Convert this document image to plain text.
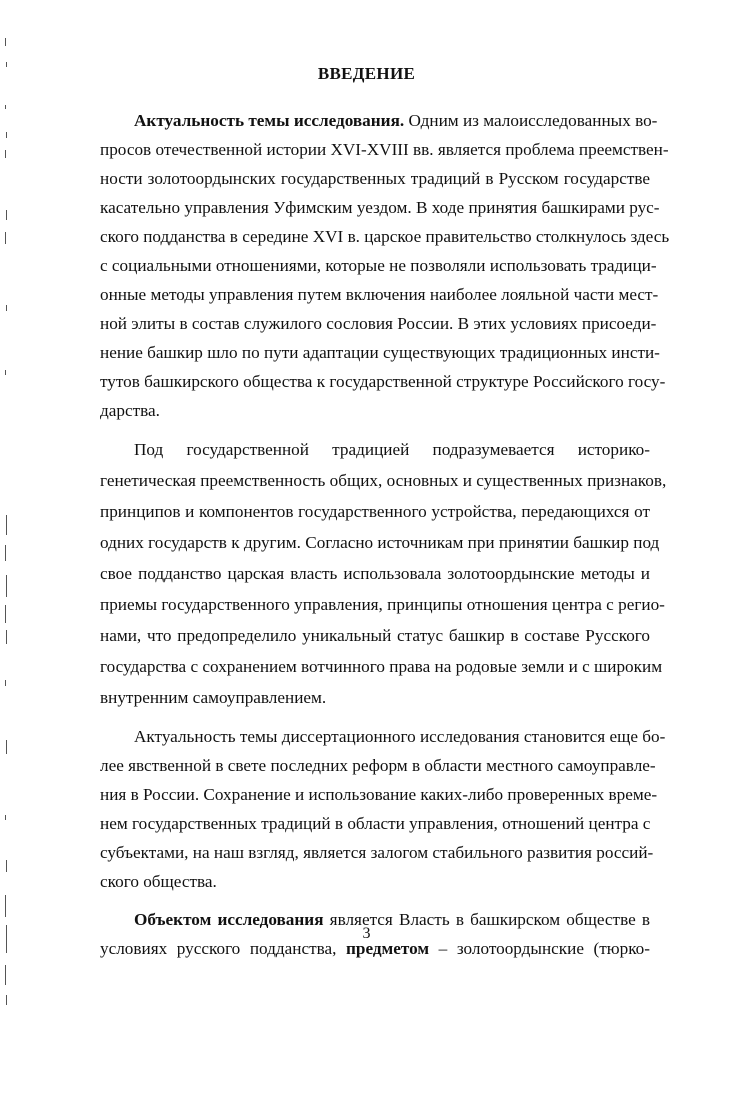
ВВЕДЕНИЕ

Актуальность темы исследования. Одним из малоисследованных во-
просов отечественной истории XVI-XVIII вв. является проблема преемствен-
ности золотоордынских государственных традиций в Русском государстве
касательно управления Уфимским уездом. В ходе принятия башкирами рус-
ского подданства в середине XVI в. царское правительство столкнулось здесь
с социальными отношениями, которые не позволяли использовать традици-
онные методы управления путем включения наиболее лояльной части мест-
ной элиты в состав служилого сословия России. В этих условиях присоеди-
нение башкир шло по пути адаптации существующих традиционных инсти-
тутов башкирского общества к государственной структуре Российского госу-
дарства.

Под государственной традицией подразумевается историко-
генетическая преемственность общих, основных и существенных признаков,
принципов и компонентов государственного устройства, передающихся от
одних государств к другим. Согласно источникам при принятии башкир под
свое подданство царская власть использовала золотоордынские методы и
приемы государственного управления, принципы отношения центра с регио-
нами, что предопределило уникальный статус башкир в составе Русского
государства с сохранением вотчинного права на родовые земли и с широким
внутренним самоуправлением.

Актуальность темы диссертационного исследования становится еще бо-
лее явственной в свете последних реформ в области местного самоуправле-
ния в России. Сохранение и использование каких-либо проверенных време-
нем государственных традиций в области управления, отношений центра с
субъектами, на наш взгляд, является залогом стабильного развития россий-
ского общества.

Объектом исследования является Власть в башкирском обществе в
условиях русского подданства, предметом – золотоордынские (тюрко-

3
